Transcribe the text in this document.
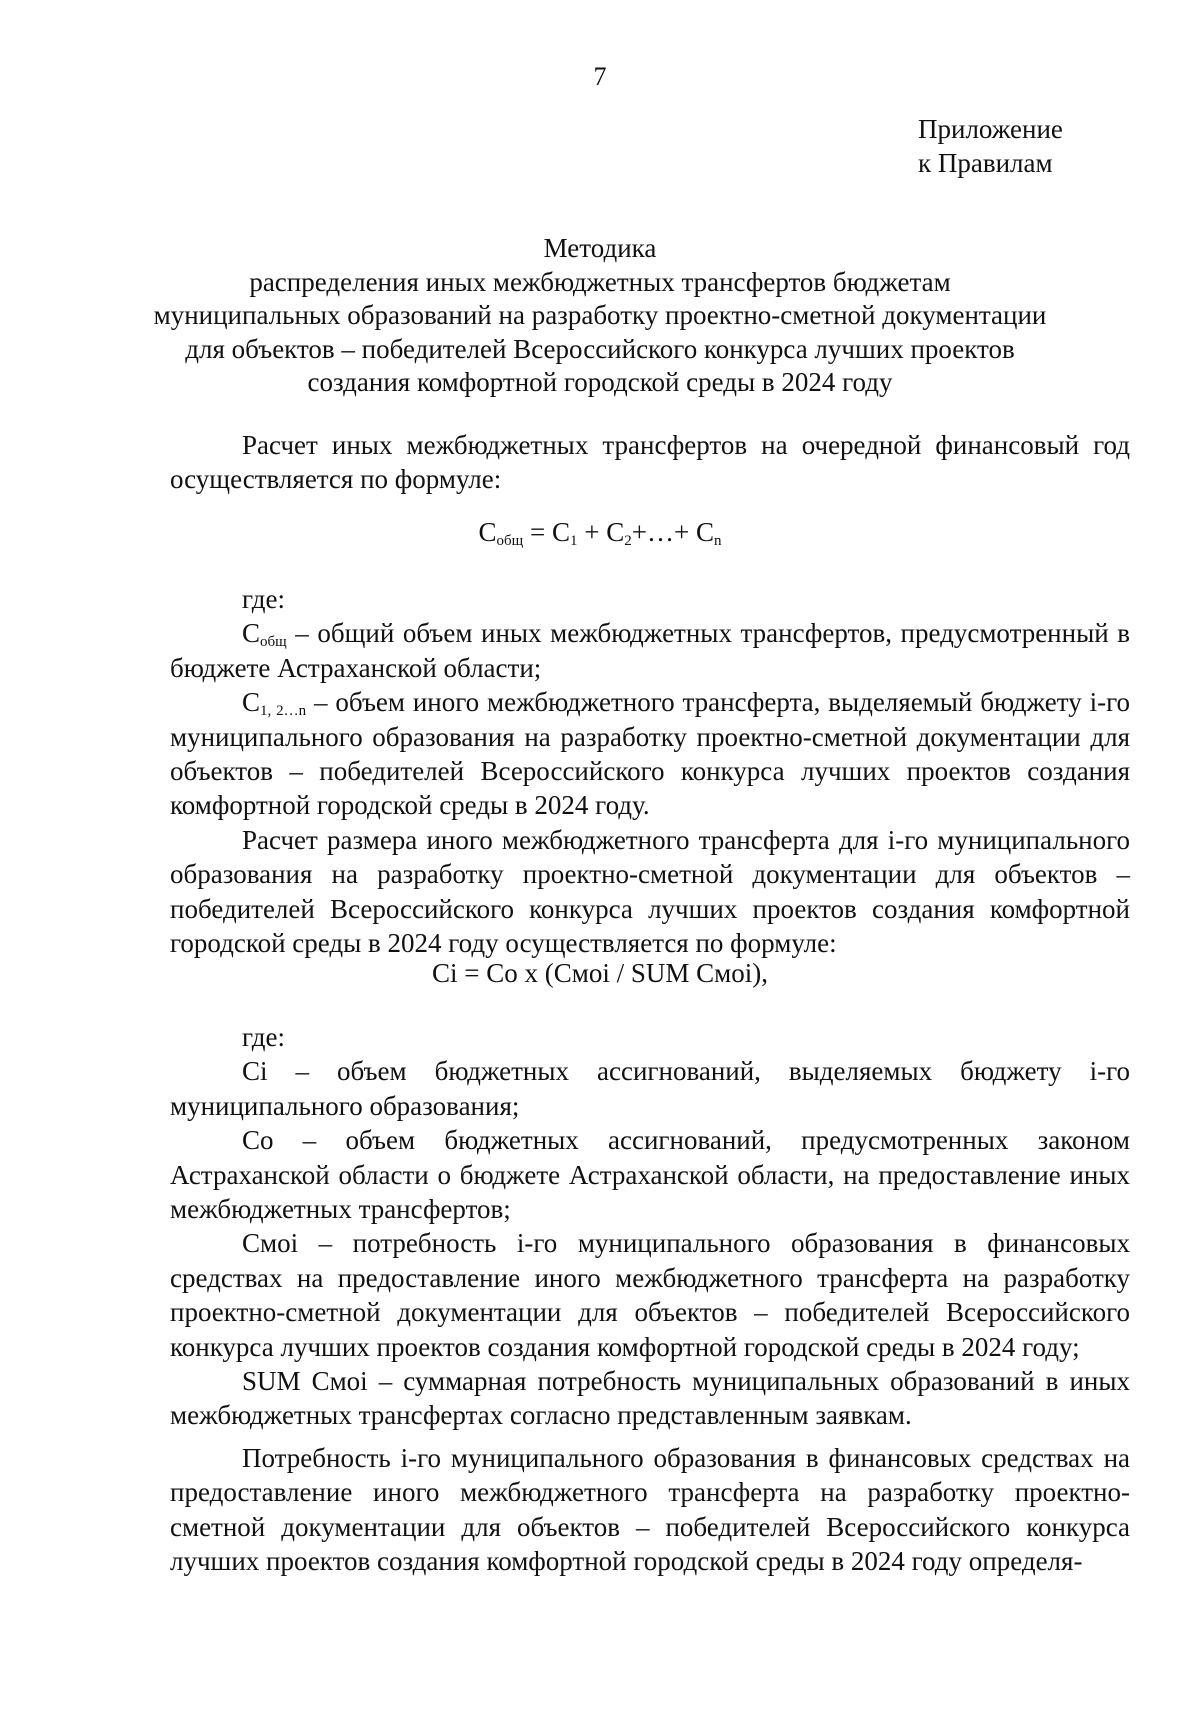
7
Приложение
к Правилам
Методика
распределения иных межбюджетных трансфертов бюджетам
муниципальных образований на разработку проектно-сметной документации
для объектов – победителей Всероссийского конкурса лучших проектов
создания комфортной городской среды в 2024 году

Расчет иных межбюджетных трансфертов на очередной финансовый год осуществляется по формуле:

$C_{общ} = C_1$ + $C_2+\dots+ C_n$

где:

$C_{общ}$ – общий объем иных межбюджетных трансфертов, предусмотренный в бюджете Астраханской области;

$C_{1, 2\dots n}$ – объем иного межбюджетного трансферта, выделяемый бюджету i-го муниципального образования на разработку проектно-сметной документации для объектов – победителей Всероссийского конкурса лучших проектов создания комфортной городской среды в 2024 году.

Расчет размера иного межбюджетного трансферта для i-го муниципального образования на разработку проектно-сметной документации для объектов – победителей Всероссийского конкурса лучших проектов создания комфортной городской среды в 2024 году осуществляется по формуле:

Ci = Co x (Cмoi / SUM Cмoi),

где:

Ci – объем бюджетных ассигнований, выделяемых бюджету i-го муниципального образования;

Co – объем бюджетных ассигнований, предусмотренных законом Астраханской области о бюджете Астраханской области, на предоставление иных межбюджетных трансфертов;

Cмoi – потребность i-го муниципального образования в финансовых средствах на предоставление иного межбюджетного трансферта на разработку проектно-сметной документации для объектов – победителей Всероссийского конкурса лучших проектов создания комфортной городской среды в 2024 году;

SUM Cмoi – суммарная потребность муниципальных образований в иных межбюджетных трансфертах согласно представленным заявкам.

Потребность i-го муниципального образования в финансовых средствах на предоставление иного межбюджетного трансферта на разработку проектно-сметной документации для объектов – победителей Всероссийского конкурса лучших проектов создания комфортной городской среды в 2024 году определя-
